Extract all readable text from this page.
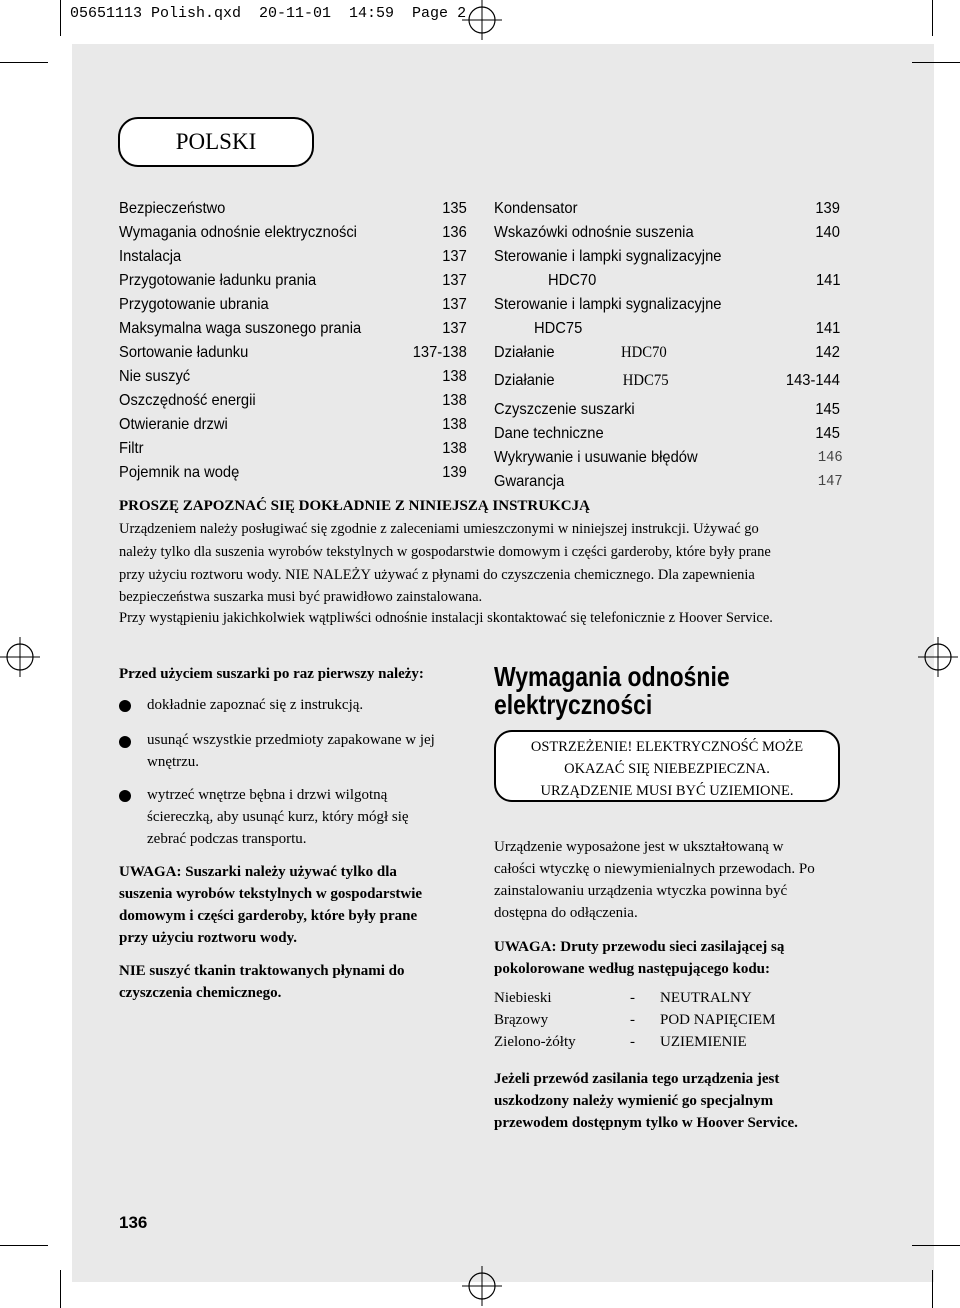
05651113 Polish.qxd  20-11-01  14:59  Page 2
POLSKI
Bezpieczeństwo	135
Wymagania odnośnie elektryczności	136
Instalacja	137
Przygotowanie ładunku prania	137
Przygotowanie ubrania	137
Maksymalna waga suszonego prania	137
Sortowanie ładunku	137-138
Nie suszyć	138
Oszczędność energii	138
Otwieranie drzwi	138
Filtr	138
Pojemnik na wodę	139
Kondensator	139
Wskazówki odnośnie suszenia	140
Sterowanie i lampki sygnalizacyjne
HDC70	141
Sterowanie i lampki sygnalizacyjne
HDC75	141
Działanie	HDC70	142
Działanie	HDC75	143-144
Czyszczenie suszarki	145
Dane techniczne	145
Wykrywanie i usuwanie błędów	146
Gwarancja	147
PROSZĘ ZAPOZNAĆ SIĘ DOKŁADNIE Z NINIEJSZĄ INSTRUKCJĄ
Urządzeniem należy posługiwać się zgodnie z zaleceniami umieszczonymi w niniejszej instrukcji. Używać go
należy tylko dla suszenia wyrobów tekstylnych w gospodarstwie domowym i części garderoby, które były prane
przy użyciu roztworu wody. NIE NALEŻY używać z płynami do czyszczenia chemicznego. Dla zapewnienia
bezpieczeństwa suszarka musi być prawidłowo zainstalowana.
Przy wystąpieniu jakichkolwiek wątpliwści odnośnie instalacji skontaktować się telefonicznie z Hoover Service.
Przed użyciem suszarki po raz pierwszy należy:
dokładnie zapoznać się z instrukcją.
usunąć wszystkie przedmioty zapakowane w jej
wnętrzu.
wytrzeć wnętrze bębna i drzwi wilgotną
ściereczką, aby usunąć kurz, który mógł się
zebrać podczas transportu.
UWAGA: Suszarki należy używać tylko dla
suszenia wyrobów tekstylnych w gospodarstwie
domowym i części garderoby, które były prane
przy użyciu roztworu wody.
NIE suszyć tkanin traktowanych płynami do
czyszczenia chemicznego.
Wymagania odnośnie
elektryczności
OSTRZEŻENIE! ELEKTRYCZNOŚĆ MOŻE
OKAZAĆ SIĘ NIEBEZPIECZNA.
URZĄDZENIE MUSI BYĆ UZIEMIONE.
Urządzenie wyposażone jest w ukształtowaną w
całości wtyczkę o niewymienialnych przewodach. Po
zainstalowaniu urządzenia wtyczka powinna być
dostępna do odłączenia.
UWAGA: Druty przewodu sieci zasilającej są
pokolorowane według następującego kodu:
Niebieski	-	NEUTRALNY
Brązowy	-	POD NAPIĘCIEM
Zielono-żółty	-	UZIEMIENIE
Jeżeli przewód zasilania tego urządzenia jest
uszkodzony należy wymienić go specjalnym
przewodem dostępnym tylko w Hoover Service.
136
